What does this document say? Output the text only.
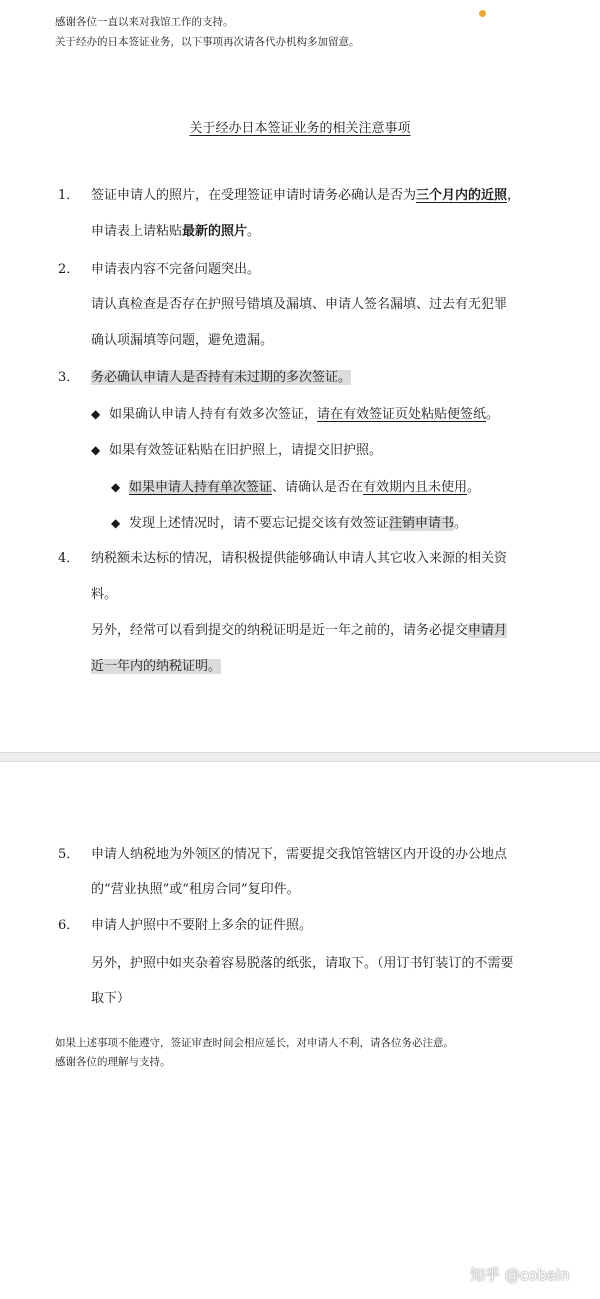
感谢各位一直以来对我馆工作的支持。
关于经办的日本签证业务，以下事项再次请各代办机构多加留意。
关于经办日本签证业务的相关注意事项
1． 签证申请人的照片，在受理签证申请时请务必确认是否为三个月内的近照，
申请表上请粘贴最新的照片。
2． 申请表内容不完备问题突出。
请认真检查是否存在护照号错填及漏填、申请人签名漏填、过去有无犯罪
确认项漏填等问题，避免遗漏。
3． 务必确认申请人是否持有未过期的多次签证。
◆ 如果确认申请人持有有效多次签证，请在有效签证页处粘贴便签纸。
◆ 如果有效签证粘贴在旧护照上，请提交旧护照。
◆ 如果申请人持有单次签证、请确认是否在有效期内且未使用。
◆ 发现上述情况时，请不要忘记提交该有效签证注销申请书。
4． 纳税额未达标的情况，请积极提供能够确认申请人其它收入来源的相关资
料。
另外，经常可以看到提交的纳税证明是近一年之前的，请务必提交申请月
近一年内的纳税证明。
5． 申请人纳税地为外领区的情况下，需要提交我馆管辖区内开设的办公地点
的“营业执照”或“租房合同”复印件。
6． 申请人护照中不要附上多余的证件照。
另外，护照中如夹杂着容易脱落的纸张，请取下。（用订书钉装订的不需要
取下）
如果上述事项不能遵守，签证审查时间会相应延长，对申请人不利，请各位务必注意。
感谢各位的理解与支持。
知乎 @cobain
